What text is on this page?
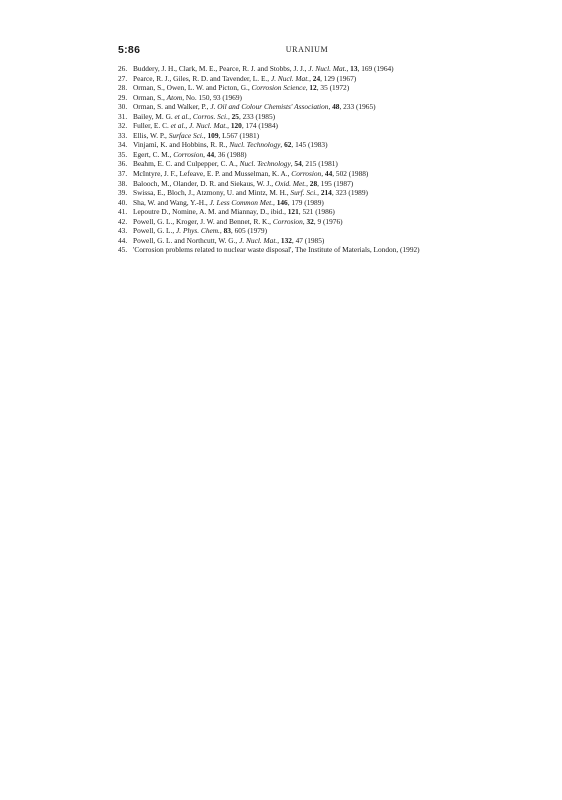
5:86	URANIUM
26. Buddery, J. H., Clark, M. E., Pearce, R. J. and Stobbs, J. J., J. Nucl. Mat., 13, 169 (1964)
27. Pearce, R. J., Giles, R. D. and Tavender, L. E., J. Nucl. Mat., 24, 129 (1967)
28. Orman, S., Owen, L. W. and Picton, G., Corrosion Science, 12, 35 (1972)
29. Orman, S., Atom, No. 150, 93 (1969)
30. Orman, S. and Walker, P., J. Oil and Colour Chemists' Association, 48, 233 (1965)
31. Bailey, M. G. et al., Corros. Sci., 25, 233 (1985)
32. Fuller, E. C. et al., J. Nucl. Mat., 120, 174 (1984)
33. Ellis, W. P., Surface Sci., 109, L567 (1981)
34. Vinjamì, K. and Hobbins, R. R., Nucl. Technology, 62, 145 (1983)
35. Egert, C. M., Corrosion, 44, 36 (1988)
36. Beahm, E. C. and Culpepper, C. A., Nucl. Technology, 54, 215 (1981)
37. McIntyre, J. F., Lefeave, E. P. and Musselman, K. A., Corrosion, 44, 502 (1988)
38. Balooch, M., Olander, D. R. and Siekaus, W. J., Oxid. Met., 28, 195 (1987)
39. Swissa, E., Bloch, J., Atzmony, U. and Mintz, M. H., Surf. Sci., 214, 323 (1989)
40. Sha, W. and Wang, Y.-H., J. Less Common Met., 146, 179 (1989)
41. Lepoutre D., Nomine, A. M. and Miannay, D., ibid., 121, 521 (1986)
42. Powell, G. L., Kroger, J. W. and Bennet, R. K., Corrosion, 32, 9 (1976)
43. Powell, G. L., J. Phys. Chem., 83, 605 (1979)
44. Powell, G. L. and Northcutt, W. G., J. Nucl. Mat., 132, 47 (1985)
45. 'Corrosion problems related to nuclear waste disposal', The Institute of Materials, London, (1992)
